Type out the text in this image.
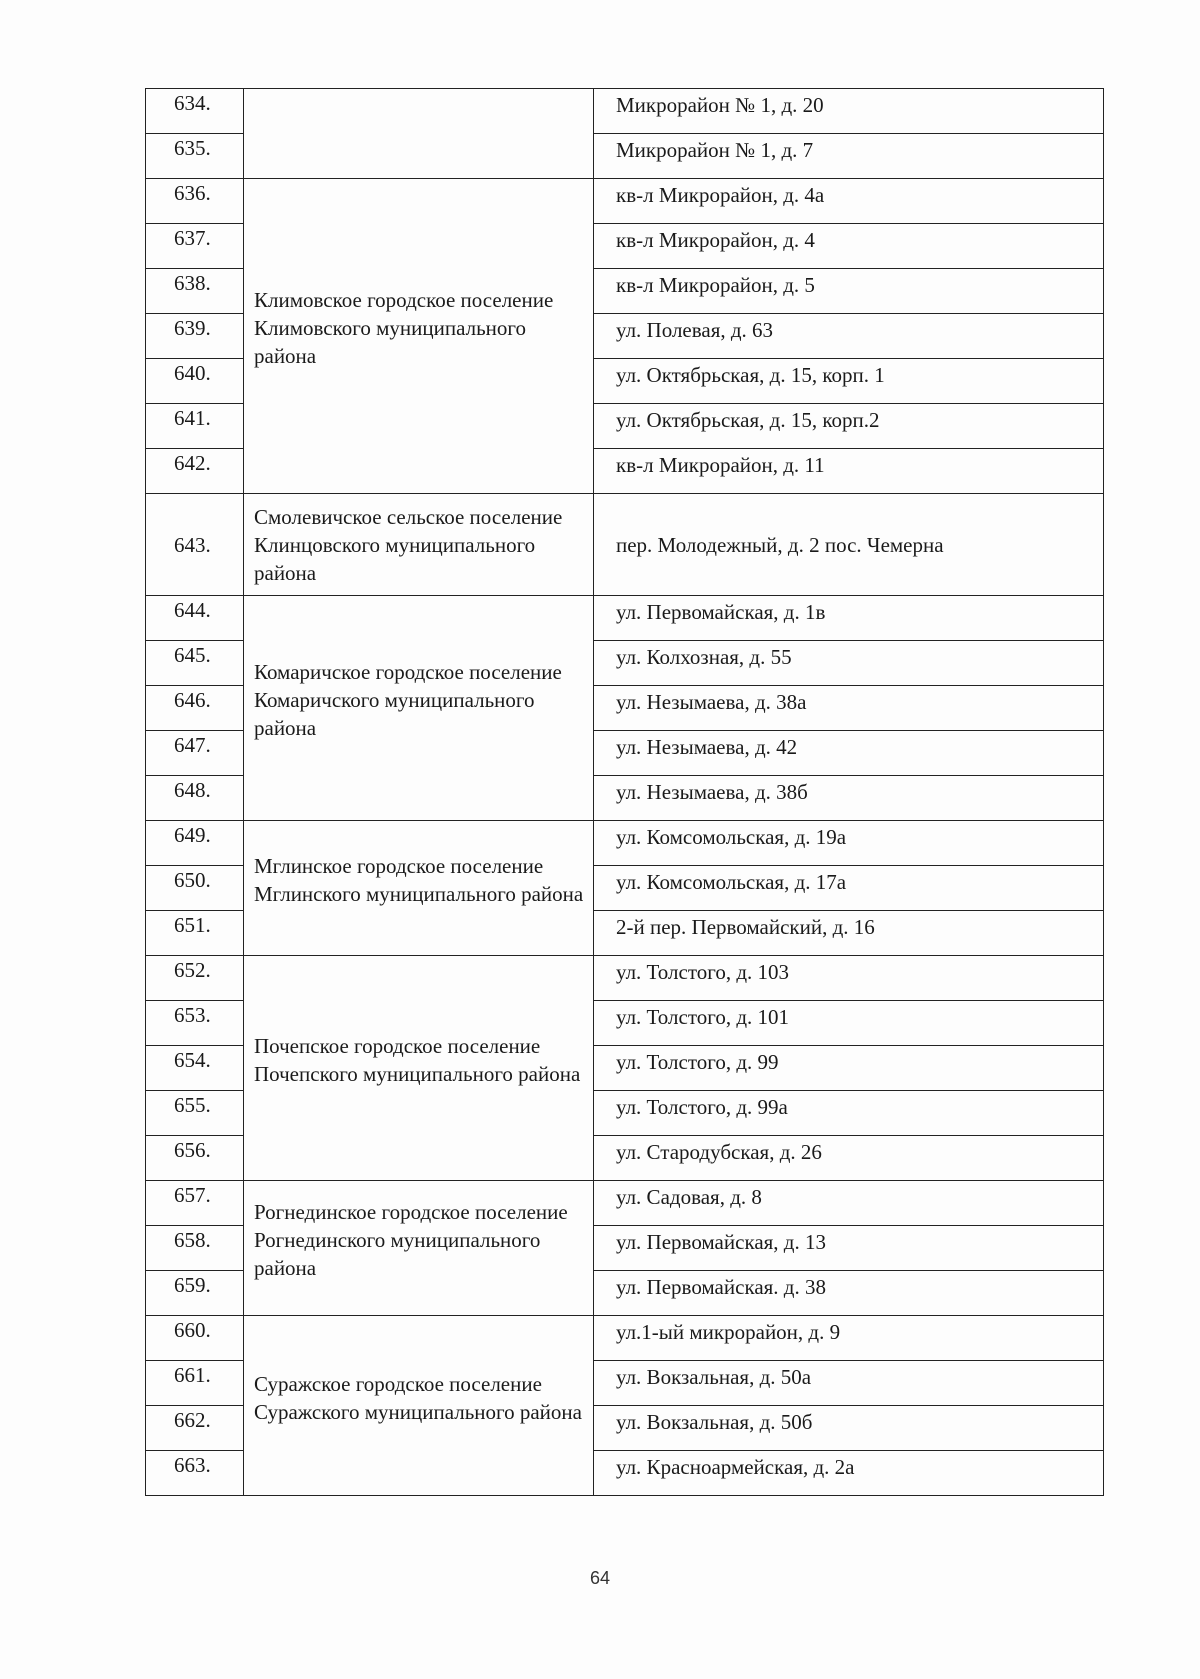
634.		Микрорайон № 1, д. 20
635.		Микрорайон № 1, д. 7
636.	Климовское городское поселение Климовского муниципального района	кв-л Микрорайон, д. 4а
637.		кв-л Микрорайон, д. 4
638.		кв-л Микрорайон, д. 5
639.		ул. Полевая, д. 63
640.		ул. Октябрьская, д. 15, корп. 1
641.		ул. Октябрьская, д. 15, корп.2
642.		кв-л Микрорайон, д. 11
643.	Смолевичское сельское поселение Клинцовского муниципального района	пер. Молодежный, д. 2 пос. Чемерна
644.	Комаричское городское поселение Комаричского муниципального района	ул. Первомайская, д. 1в
645.		ул. Колхозная, д. 55
646.		ул. Незымаева, д. 38а
647.		ул. Незымаева, д. 42
648.		ул. Незымаева, д. 38б
649.	Мглинское городское поселение Мглинского муниципального района	ул. Комсомольская, д. 19а
650.		ул. Комсомольская, д. 17а
651.		2-й пер. Первомайский, д. 16
652.	Почепское городское поселение Почепского муниципального района	ул. Толстого, д. 103
653.		ул. Толстого, д. 101
654.		ул. Толстого, д. 99
655.		ул. Толстого, д. 99а
656.		ул. Стародубская, д. 26
657.	Рогнединское городское поселение Рогнединского муниципального района	ул. Садовая, д. 8
658.		ул. Первомайская, д. 13
659.		ул. Первомайская. д. 38
660.	Суражское городское поселение Суражского муниципального района	ул.1-ый микрорайон, д. 9
661.		ул. Вокзальная, д. 50а
662.		ул. Вокзальная, д. 50б
663.		ул. Красноармейская, д. 2а
64
